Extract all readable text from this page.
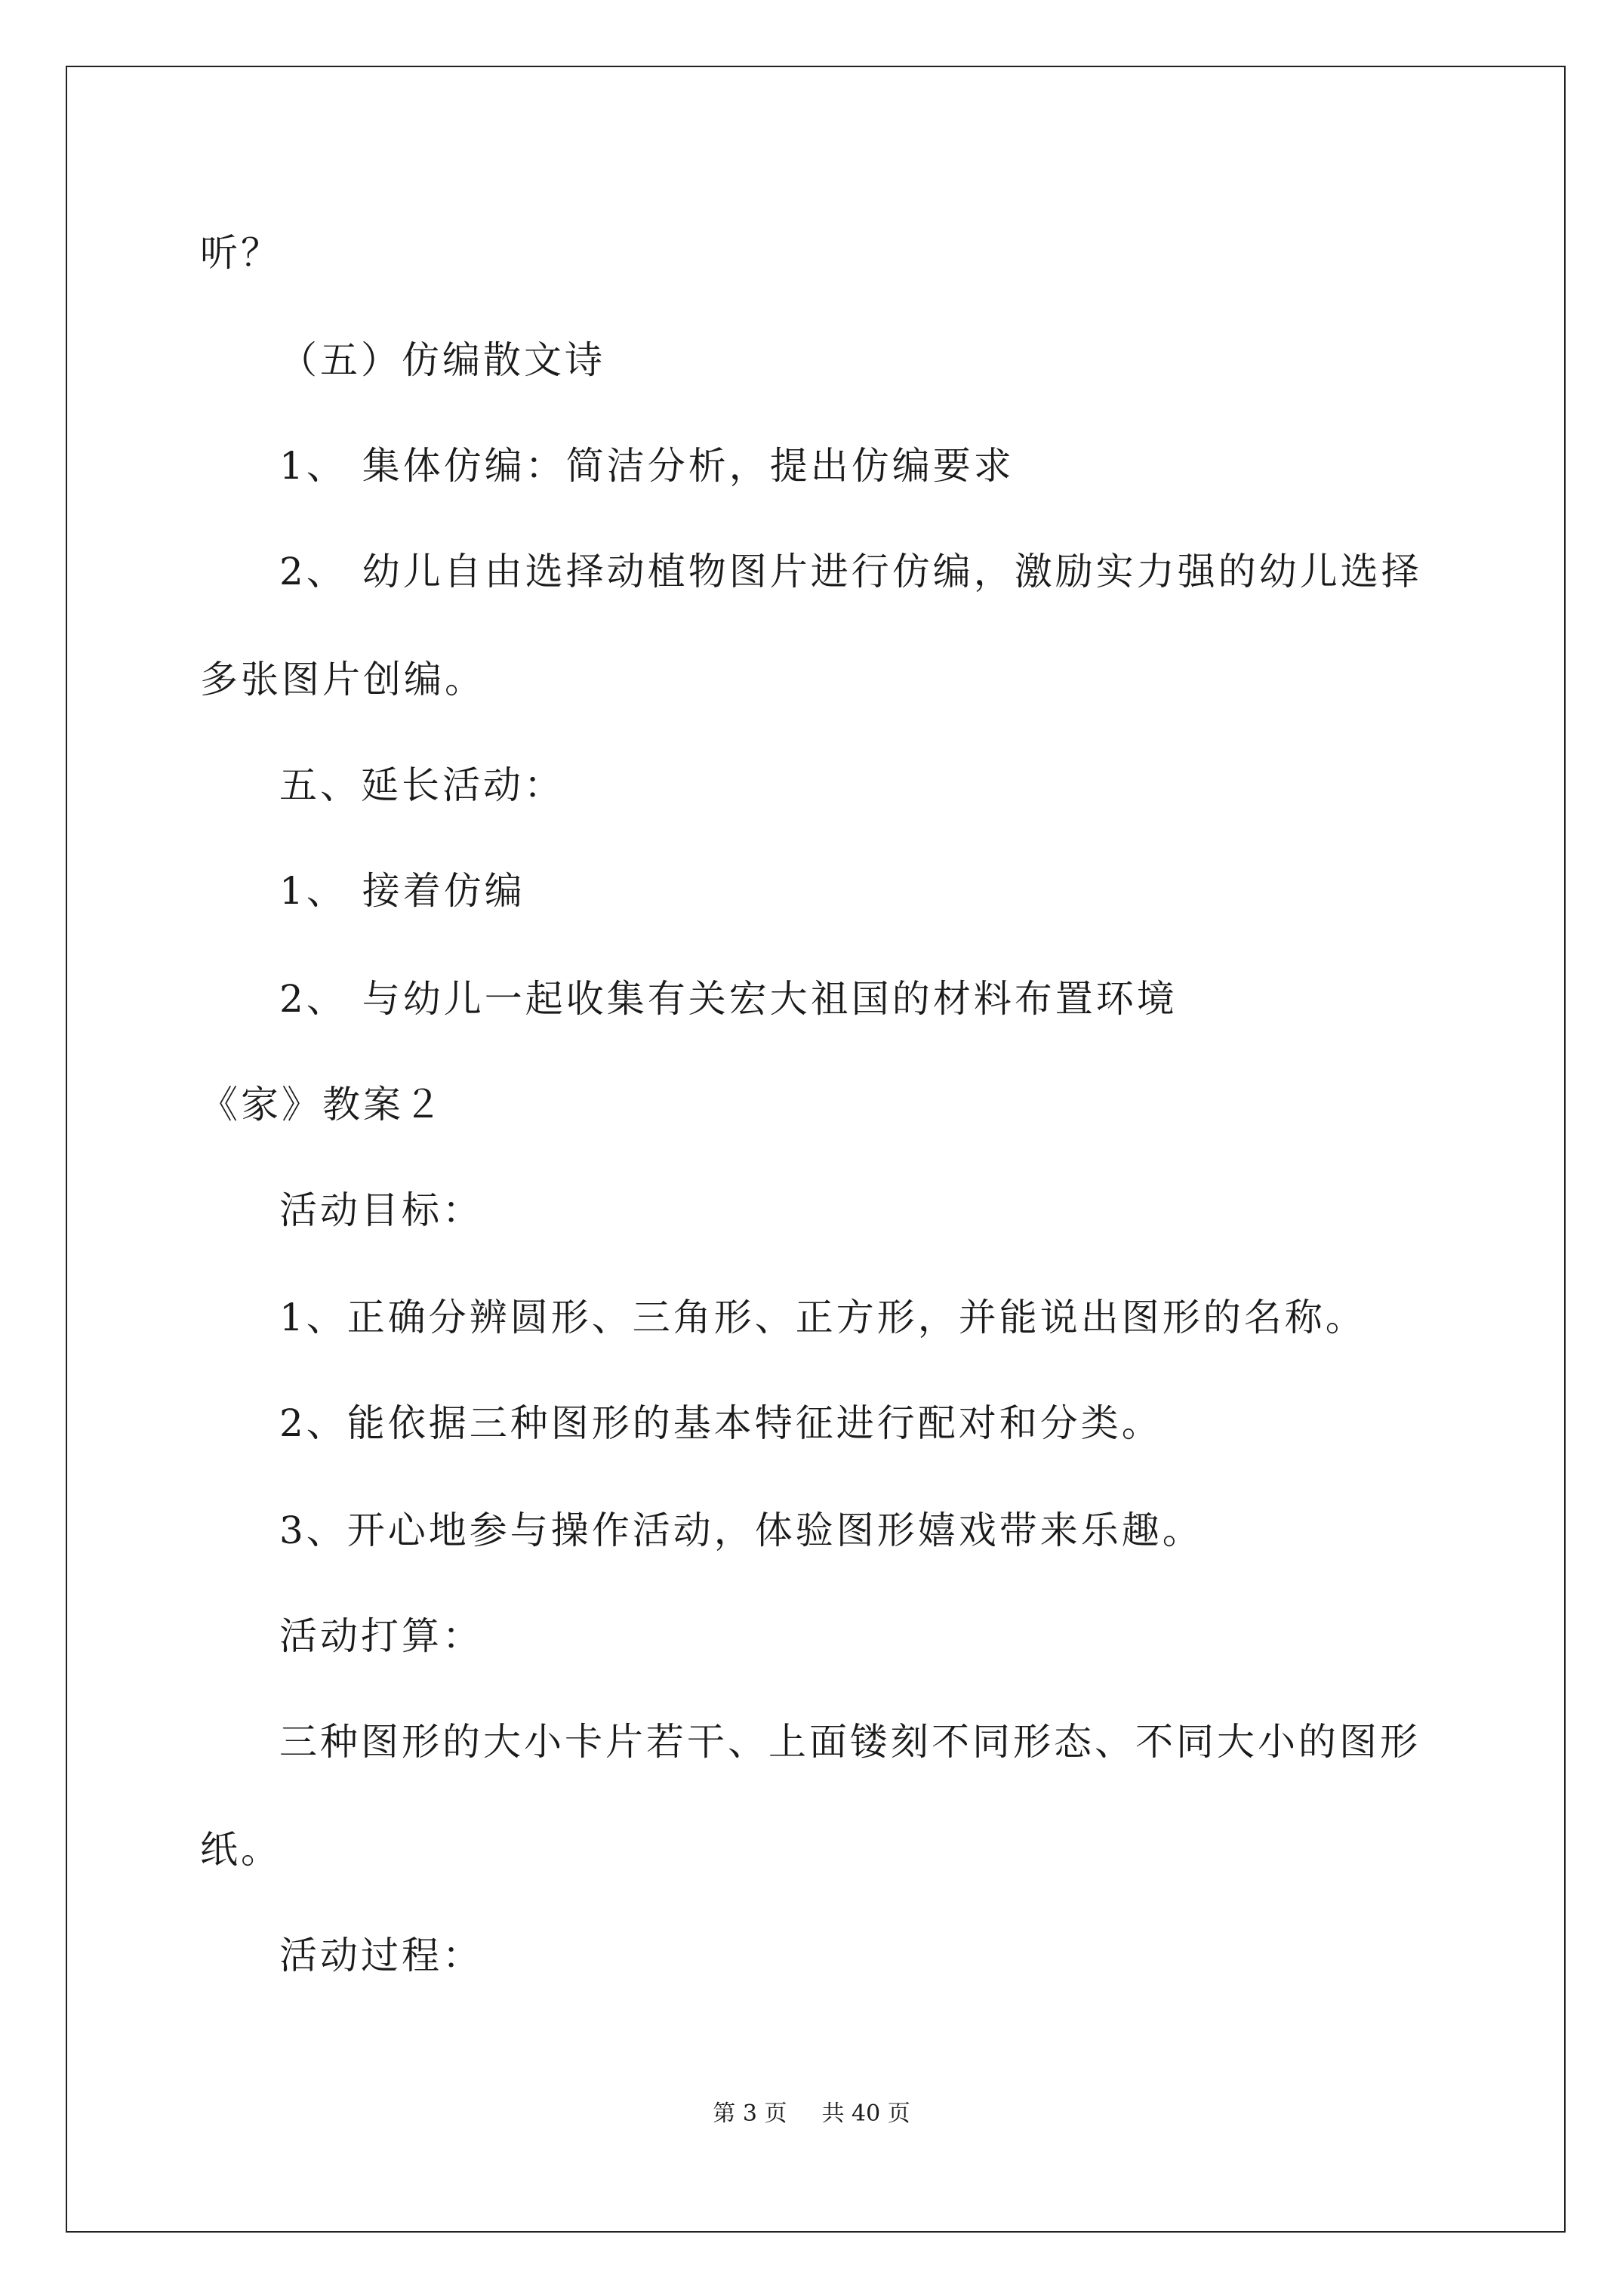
听？
（五）仿编散文诗
1、 集体仿编：简洁分析，提出仿编要求
2、 幼儿自由选择动植物图片进行仿编，激励实力强的幼儿选择
多张图片创编。
五、延长活动：
1、 接着仿编
2、 与幼儿一起收集有关宏大祖国的材料布置环境
《家》教案２
活动目标：
1、正确分辨圆形、三角形、正方形，并能说出图形的名称。
2、能依据三种图形的基本特征进行配对和分类。
3、开心地参与操作活动，体验图形嬉戏带来乐趣。
活动打算：
三种图形的大小卡片若干、上面镂刻不同形态、不同大小的图形
纸。
活动过程：
第 3 页 共 40 页
